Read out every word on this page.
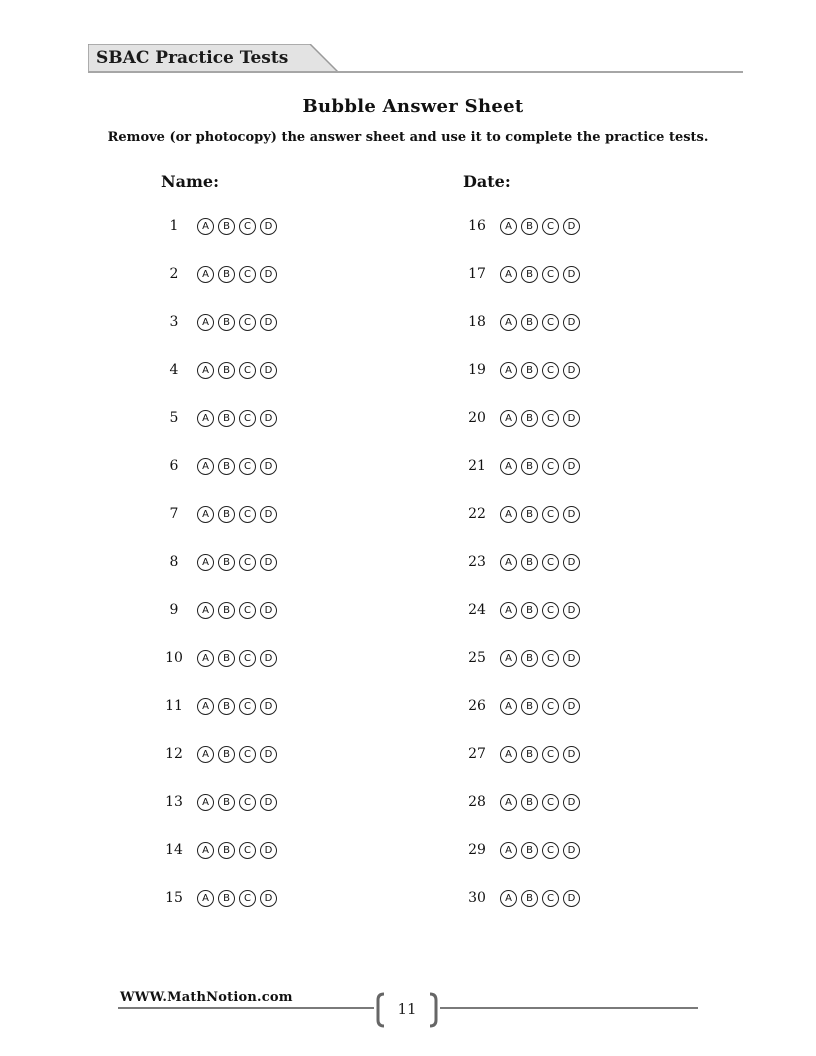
SBAC Practice Tests
Bubble Answer Sheet
Remove (or photocopy) the answer sheet and use it to complete the practice tests.
Name:	Date:
1	A	B	C	D
2	A	B	C	D
3	A	B	C	D
4	A	B	C	D
5	A	B	C	D
6	A	B	C	D
7	A	B	C	D
8	A	B	C	D
9	A	B	C	D
10	A	B	C	D
11	A	B	C	D
12	A	B	C	D
13	A	B	C	D
14	A	B	C	D
15	A	B	C	D
16	A	B	C	D
17	A	B	C	D
18	A	B	C	D
19	A	B	C	D
20	A	B	C	D
21	A	B	C	D
22	A	B	C	D
23	A	B	C	D
24	A	B	C	D
25	A	B	C	D
26	A	B	C	D
27	A	B	C	D
28	A	B	C	D
29	A	B	C	D
30	A	B	C	D
WWW.MathNotion.com
11
